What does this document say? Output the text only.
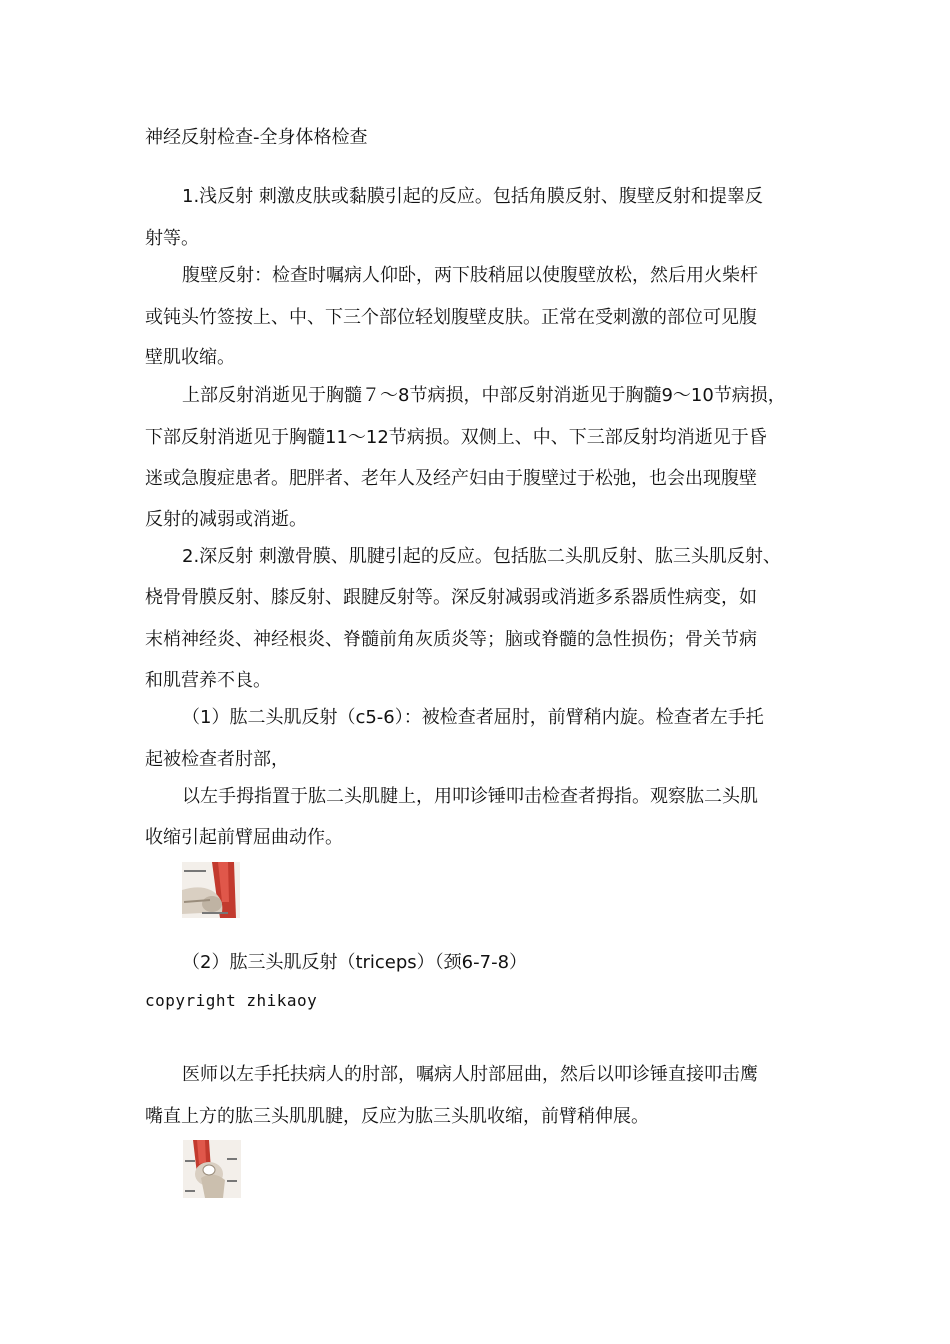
神经反射检查-全身体格检查
1.浅反射 刺激皮肤或黏膜引起的反应。包括角膜反射、腹壁反射和提睾反
射等。
腹壁反射：检查时嘱病人仰卧，两下肢稍屈以使腹壁放松，然后用火柴杆
或钝头竹签按上、中、下三个部位轻划腹壁皮肤。正常在受刺激的部位可见腹
壁肌收缩。
上部反射消逝见于胸髓７～8节病损，中部反射消逝见于胸髓9～10节病损，
下部反射消逝见于胸髓11～12节病损。双侧上、中、下三部反射均消逝见于昏
迷或急腹症患者。肥胖者、老年人及经产妇由于腹壁过于松弛，也会出现腹壁
反射的减弱或消逝。
2.深反射 刺激骨膜、肌腱引起的反应。包括肱二头肌反射、肱三头肌反射、
桡骨骨膜反射、膝反射、跟腱反射等。深反射减弱或消逝多系器质性病变，如
末梢神经炎、神经根炎、脊髓前角灰质炎等；脑或脊髓的急性损伤；骨关节病
和肌营养不良。
（1）肱二头肌反射（c5-6）：被检查者屈肘，前臂稍内旋。检查者左手托
起被检查者肘部，
以左手拇指置于肱二头肌腱上，用叩诊锤叩击检查者拇指。观察肱二头肌
收缩引起前臂屈曲动作。
（2）肱三头肌反射（triceps）（颈6-7-8）
copyright zhikaoy
医师以左手托扶病人的肘部，嘱病人肘部屈曲，然后以叩诊锤直接叩击鹰
嘴直上方的肱三头肌肌腱，反应为肱三头肌收缩，前臂稍伸展。
